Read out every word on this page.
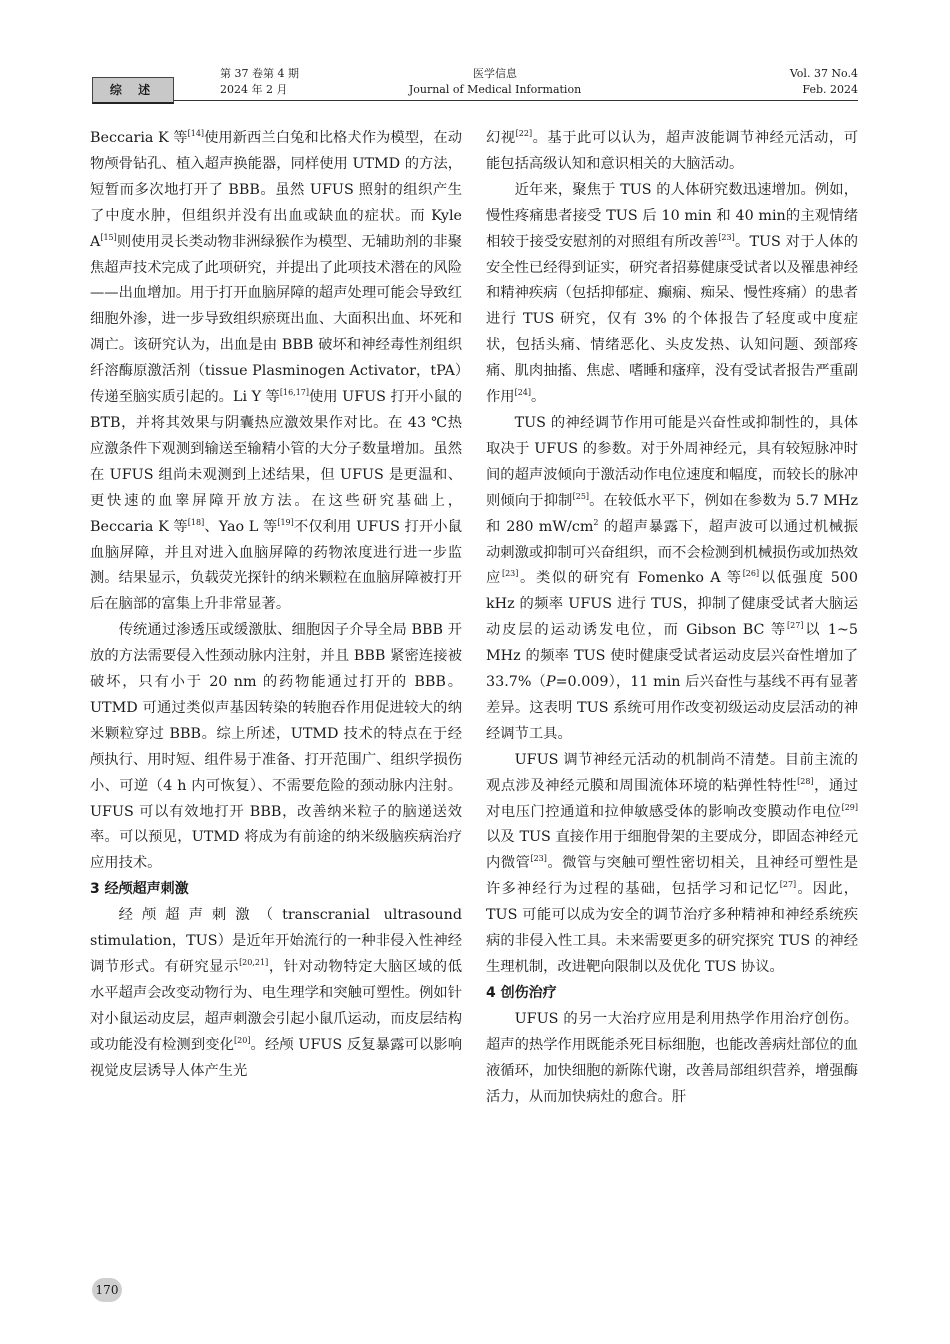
综 述
第 37 卷第 4 期
2024 年 2 月
医学信息
Journal of Medical Information
Vol. 37 No.4
Feb. 2024

Beccaria K 等[14]使用新西兰白兔和比格犬作为模型，在动物颅骨钻孔、植入超声换能器，同样使用 UTMD 的方法，短暂而多次地打开了 BBB。虽然 UFUS 照射的组织产生了中度水肿，但组织并没有出血或缺血的症状。而 Kyle A[15]则使用灵长类动物非洲绿猴作为模型、无辅助剂的非聚焦超声技术完成了此项研究，并提出了此项技术潜在的风险——出血增加。用于打开血脑屏障的超声处理可能会导致红细胞外渗，进一步导致组织瘀斑出血、大面积出血、坏死和凋亡。该研究认为，出血是由 BBB 破坏和神经毒性剂组织纤溶酶原激活剂（tissue Plasminogen Activator，tPA）传递至脑实质引起的。Li Y 等[16,17]使用 UFUS 打开小鼠的 BTB，并将其效果与阴囊热应激效果作对比。在 43 ℃热应激条件下观测到输送至输精小管的大分子数量增加。虽然在 UFUS 组尚未观测到上述结果，但 UFUS 是更温和、更快速的血睾屏障开放方法。在这些研究基础上，Beccaria K 等[18]、Yao L 等[19]不仅利用 UFUS 打开小鼠血脑屏障，并且对进入血脑屏障的药物浓度进行进一步监测。结果显示，负载荧光探针的纳米颗粒在血脑屏障被打开后在脑部的富集上升非常显著。

传统通过渗透压或缓激肽、细胞因子介导全局 BBB 开放的方法需要侵入性颈动脉内注射，并且 BBB 紧密连接被破坏，只有小于 20 nm 的药物能通过打开的 BBB。UTMD 可通过类似声基因转染的转胞吞作用促进较大的纳米颗粒穿过 BBB。综上所述，UTMD 技术的特点在于经颅执行、用时短、组件易于准备、打开范围广、组织学损伤小、可逆（4 h 内可恢复）、不需要危险的颈动脉内注射。UFUS 可以有效地打开 BBB，改善纳米粒子的脑递送效率。可以预见，UTMD 将成为有前途的纳米级脑疾病治疗应用技术。

3 经颅超声刺激

经颅超声刺激（transcranial ultrasound stimulation，TUS）是近年开始流行的一种非侵入性神经调节形式。有研究显示[20,21]，针对动物特定大脑区域的低水平超声会改变动物行为、电生理学和突触可塑性。例如针对小鼠运动皮层，超声刺激会引起小鼠爪运动，而皮层结构或功能没有检测到变化[20]。经颅 UFUS 反复暴露可以影响视觉皮层诱导人体产生光

幻视[22]。基于此可以认为，超声波能调节神经元活动，可能包括高级认知和意识相关的大脑活动。

近年来，聚焦于 TUS 的人体研究数迅速增加。例如，慢性疼痛患者接受 TUS 后 10 min 和 40 min的主观情绪相较于接受安慰剂的对照组有所改善[23]。TUS 对于人体的安全性已经得到证实，研究者招募健康受试者以及罹患神经和精神疾病（包括抑郁症、癫痫、痴呆、慢性疼痛）的患者进行 TUS 研究，仅有 3% 的个体报告了轻度或中度症状，包括头痛、情绪恶化、头皮发热、认知问题、颈部疼痛、肌肉抽搐、焦虑、嗜睡和瘙痒，没有受试者报告严重副作用[24]。

TUS 的神经调节作用可能是兴奋性或抑制性的，具体取决于 UFUS 的参数。对于外周神经元，具有较短脉冲时间的超声波倾向于激活动作电位速度和幅度，而较长的脉冲则倾向于抑制[25]。在较低水平下，例如在参数为 5.7 MHz 和 280 $mW/cm^2$ 的超声暴露下，超声波可以通过机械振动刺激或抑制可兴奋组织，而不会检测到机械损伤或加热效应[23]。类似的研究有 Fomenko A 等[26]以低强度 500 kHz 的频率 UFUS 进行 TUS，抑制了健康受试者大脑运动皮层的运动诱发电位，而 Gibson BC 等[27]以 1~5 MHz 的频率 TUS 使时健康受试者运动皮层兴奋性增加了 33.7%（P=0.009），11 min 后兴奋性与基线不再有显著差异。这表明 TUS 系统可用作改变初级运动皮层活动的神经调节工具。

UFUS 调节神经元活动的机制尚不清楚。目前主流的观点涉及神经元膜和周围流体环境的粘弹性特性[28]，通过对电压门控通道和拉伸敏感受体的影响改变膜动作电位[29]以及 TUS 直接作用于细胞骨架的主要成分，即固态神经元内微管[23]。微管与突触可塑性密切相关，且神经可塑性是许多神经行为过程的基础，包括学习和记忆[27]。因此，TUS 可能可以成为安全的调节治疗多种精神和神经系统疾病的非侵入性工具。未来需要更多的研究探究 TUS 的神经生理机制，改进靶向限制以及优化 TUS 协议。

4 创伤治疗

UFUS 的另一大治疗应用是利用热学作用治疗创伤。超声的热学作用既能杀死目标细胞，也能改善病灶部位的血液循环，加快细胞的新陈代谢，改善局部组织营养，增强酶活力，从而加快病灶的愈合。肝

170
